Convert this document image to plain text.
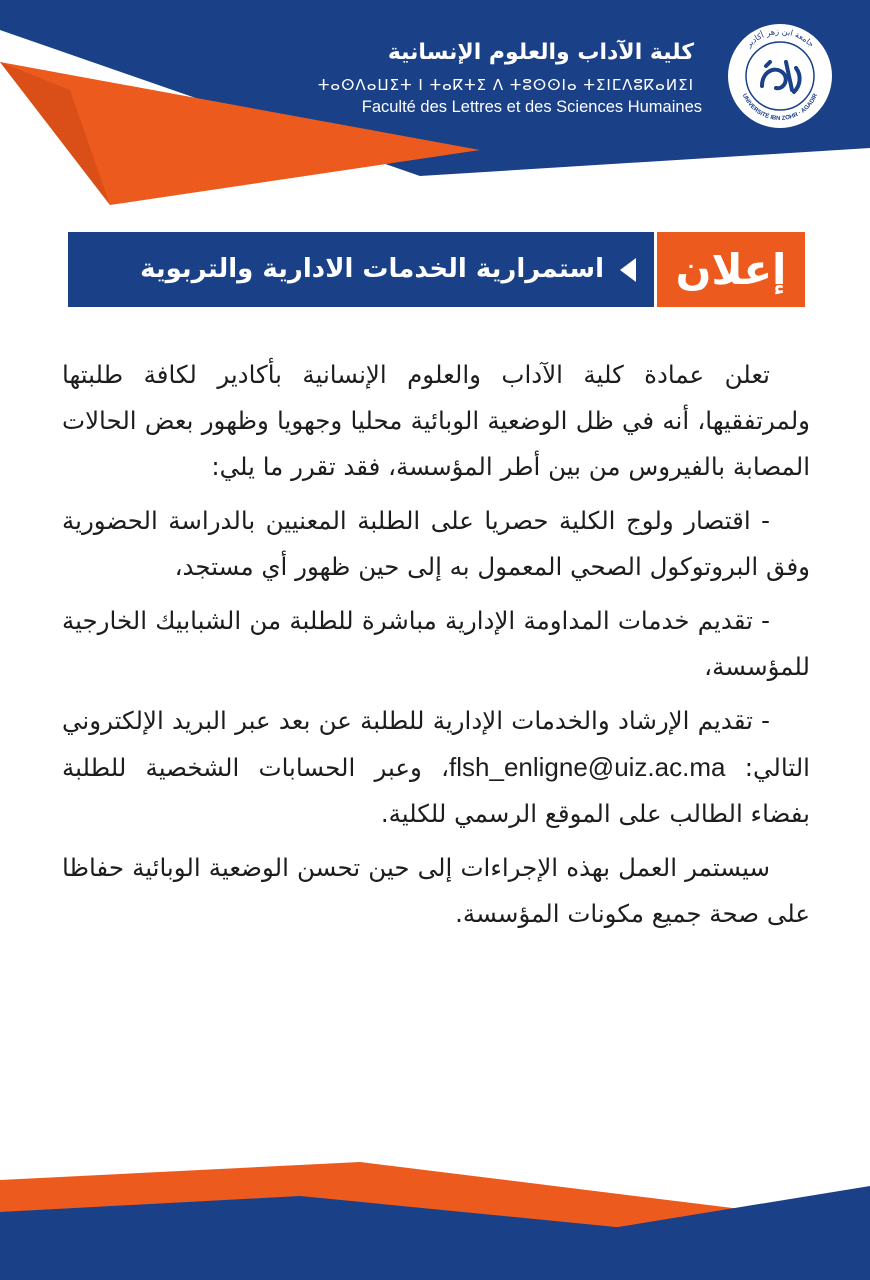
كلية الآداب والعلوم الإنسانية
ⵜⴰⵙⴷⴰⵡⵉⵜ ⵏ ⵜⴰⴽⵜⵉ ⴷ ⵜⵓⵙⵙⵏⴰ ⵜⵉⵏⵎⴷⵓⴽⴰⵍⵉⵏ
Faculté des Lettres et des Sciences Humaines
جامعة ابن زهر أكادير
UNIVERSITÉ IBN ZOHR · AGADIR
استمرارية الخدمات الادارية والتربوية	إعلان

تعلن عمادة كلية الآداب والعلوم الإنسانية بأكادير لكافة طلبتها ولمرتفقيها، أنه في ظل الوضعية الوبائية محليا وجهويا وظهور بعض الحالات المصابة بالفيروس من بين أطر المؤسسة، فقد تقرر ما يلي:

- اقتصار ولوج الكلية حصريا على الطلبة المعنيين بالدراسة الحضورية وفق البروتوكول الصحي المعمول به إلى حين ظهور أي مستجد،

- تقديم خدمات المداومة الإدارية مباشرة للطلبة من الشبابيك الخارجية للمؤسسة،

- تقديم الإرشاد والخدمات الإدارية للطلبة عن بعد عبر البريد الإلكتروني التالي: flsh_enligne@uiz.ac.ma، وعبر الحسابات الشخصية للطلبة بفضاء الطالب على الموقع الرسمي للكلية.

سيستمر العمل بهذه الإجراءات إلى حين تحسن الوضعية الوبائية حفاظا على صحة جميع مكونات المؤسسة.
